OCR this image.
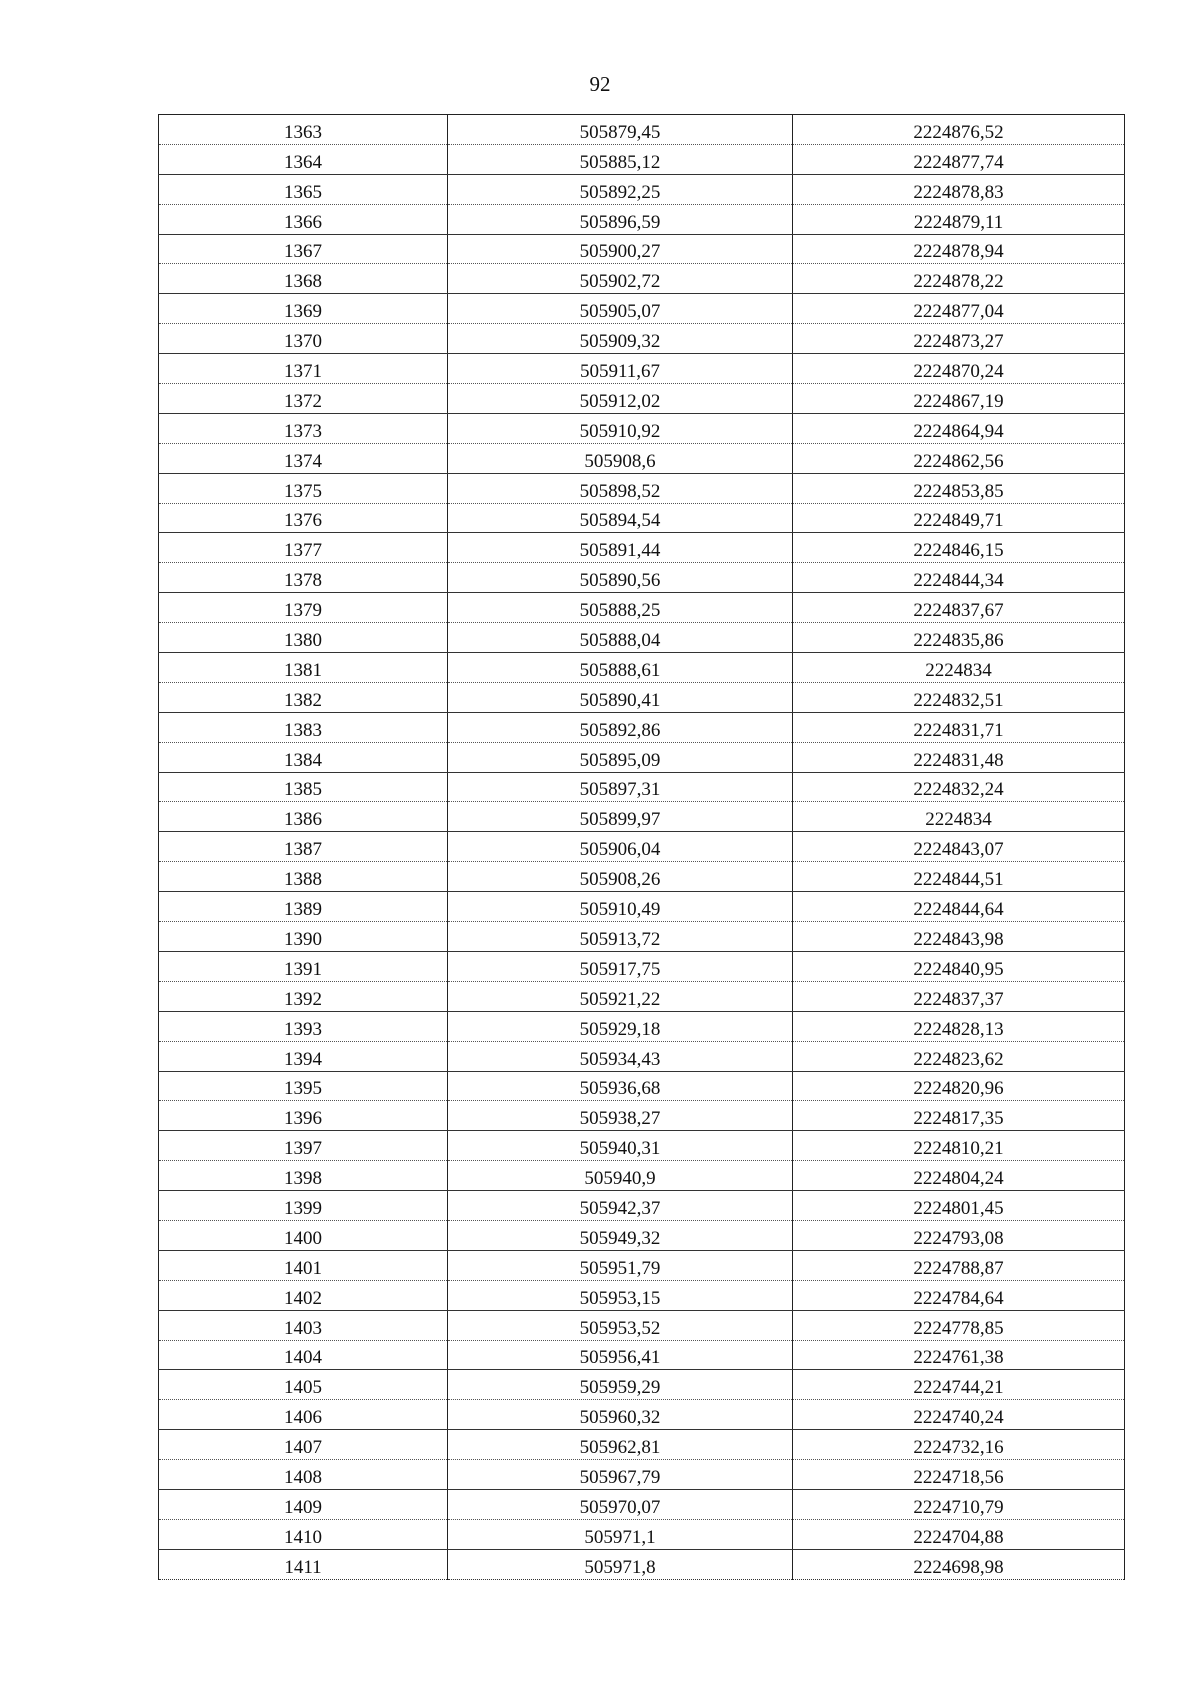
92
1363	505879,45	2224876,52
1364	505885,12	2224877,74
1365	505892,25	2224878,83
1366	505896,59	2224879,11
1367	505900,27	2224878,94
1368	505902,72	2224878,22
1369	505905,07	2224877,04
1370	505909,32	2224873,27
1371	505911,67	2224870,24
1372	505912,02	2224867,19
1373	505910,92	2224864,94
1374	505908,6	2224862,56
1375	505898,52	2224853,85
1376	505894,54	2224849,71
1377	505891,44	2224846,15
1378	505890,56	2224844,34
1379	505888,25	2224837,67
1380	505888,04	2224835,86
1381	505888,61	2224834
1382	505890,41	2224832,51
1383	505892,86	2224831,71
1384	505895,09	2224831,48
1385	505897,31	2224832,24
1386	505899,97	2224834
1387	505906,04	2224843,07
1388	505908,26	2224844,51
1389	505910,49	2224844,64
1390	505913,72	2224843,98
1391	505917,75	2224840,95
1392	505921,22	2224837,37
1393	505929,18	2224828,13
1394	505934,43	2224823,62
1395	505936,68	2224820,96
1396	505938,27	2224817,35
1397	505940,31	2224810,21
1398	505940,9	2224804,24
1399	505942,37	2224801,45
1400	505949,32	2224793,08
1401	505951,79	2224788,87
1402	505953,15	2224784,64
1403	505953,52	2224778,85
1404	505956,41	2224761,38
1405	505959,29	2224744,21
1406	505960,32	2224740,24
1407	505962,81	2224732,16
1408	505967,79	2224718,56
1409	505970,07	2224710,79
1410	505971,1	2224704,88
1411	505971,8	2224698,98
